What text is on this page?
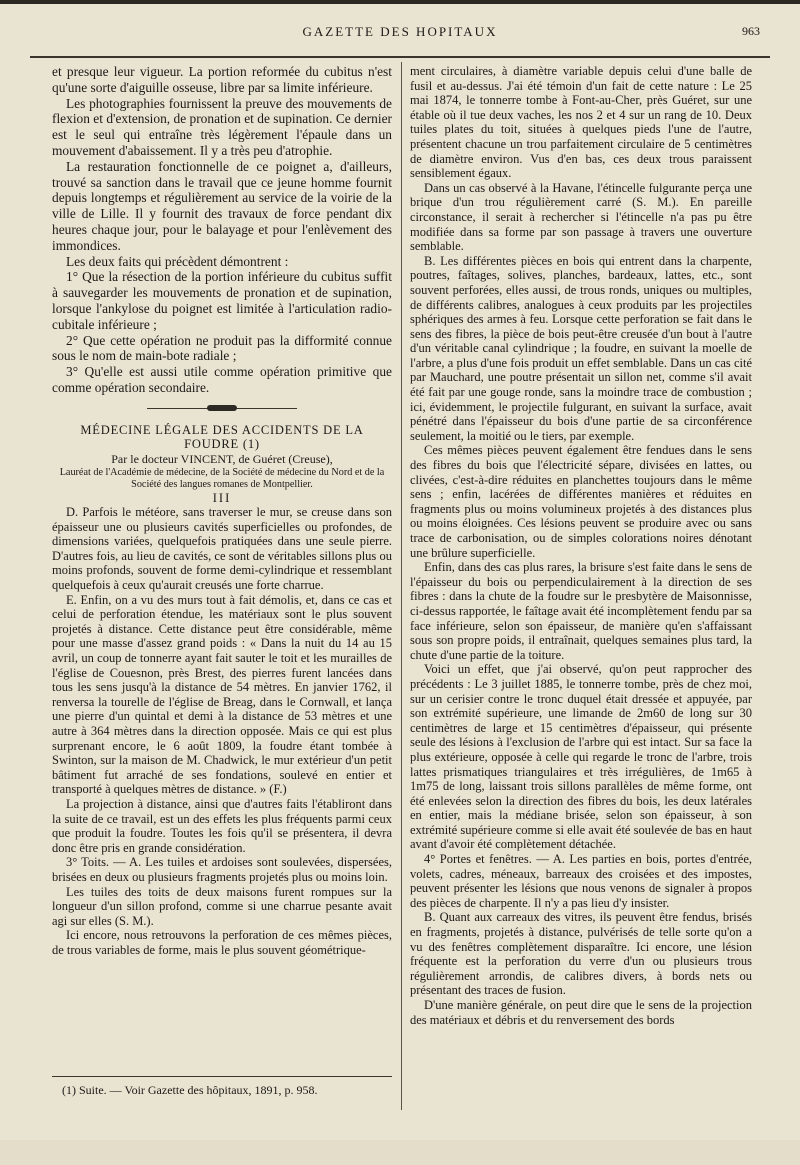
GAZETTE DES HOPITAUX	963

et presque leur vigueur. La portion reformée du cubitus n'est qu'une sorte d'aiguille osseuse, libre par sa limite inférieure.

Les photographies fournissent la preuve des mouvements de flexion et d'extension, de pronation et de supination. Ce dernier est le seul qui entraîne très légèrement l'épaule dans un mouvement d'abaissement. Il y a très peu d'atrophie.

La restauration fonctionnelle de ce poignet a, d'ailleurs, trouvé sa sanction dans le travail que ce jeune homme fournit depuis longtemps et régulièrement au service de la voirie de la ville de Lille. Il y fournit des travaux de force pendant dix heures chaque jour, pour le balayage et pour l'enlèvement des immondices.

Les deux faits qui précèdent démontrent :

1° Que la résection de la portion inférieure du cubitus suffit à sauvegarder les mouvements de pronation et de supination, lorsque l'ankylose du poignet est limitée à l'articulation radio-cubitale inférieure ;

2° Que cette opération ne produit pas la difformité connue sous le nom de main-bote radiale ;

3° Qu'elle est aussi utile comme opération primitive que comme opération secondaire.

MÉDECINE LÉGALE DES ACCIDENTS DE LA FOUDRE (1)

Par le docteur VINCENT, de Guéret (Creuse),

Lauréat de l'Académie de médecine, de la Société de médecine du Nord et de la Société des langues romanes de Montpellier.

III

D. Parfois le météore, sans traverser le mur, se creuse dans son épaisseur une ou plusieurs cavités superficielles ou profondes, de dimensions variées, quelquefois pratiquées dans une seule pierre. D'autres fois, au lieu de cavités, ce sont de véritables sillons plus ou moins profonds, souvent de forme demi-cylindrique et ressemblant quelquefois à ceux qu'aurait creusés une forte charrue.

E. Enfin, on a vu des murs tout à fait démolis, et, dans ce cas et celui de perforation étendue, les matériaux sont le plus souvent projetés à distance. Cette distance peut être considérable, même pour une masse d'assez grand poids : « Dans la nuit du 14 au 15 avril, un coup de tonnerre ayant fait sauter le toit et les murailles de l'église de Couesnon, près Brest, des pierres furent lancées dans tous les sens jusqu'à la distance de 54 mètres. En janvier 1762, il renversa la tourelle de l'église de Breag, dans le Cornwall, et lança une pierre d'un quintal et demi à la distance de 53 mètres et une autre à 364 mètres dans la direction opposée. Mais ce qui est plus surprenant encore, le 6 août 1809, la foudre étant tombée à Swinton, sur la maison de M. Chadwick, le mur extérieur d'un petit bâtiment fut arraché de ses fondations, soulevé en entier et transporté à quelques mètres de distance. » (F.)

La projection à distance, ainsi que d'autres faits l'établiront dans la suite de ce travail, est un des effets les plus fréquents parmi ceux que produit la foudre. Toutes les fois qu'il se présentera, il devra donc être pris en grande considération.

3° Toits. — A. Les tuiles et ardoises sont soulevées, dispersées, brisées en deux ou plusieurs fragments projetés plus ou moins loin.

Les tuiles des toits de deux maisons furent rompues sur la longueur d'un sillon profond, comme si une charrue pesante avait agi sur elles (S. M.).

Ici encore, nous retrouvons la perforation de ces mêmes pièces, de trous variables de forme, mais le plus souvent géométrique-

ment circulaires, à diamètre variable depuis celui d'une balle de fusil et au-dessus. J'ai été témoin d'un fait de cette nature : Le 25 mai 1874, le tonnerre tombe à Font-au-Cher, près Guéret, sur une étable où il tue deux vaches, les nos 2 et 4 sur un rang de 10. Deux tuiles plates du toit, situées à quelques pieds l'une de l'autre, présentent chacune un trou parfaitement circulaire de 5 centimètres de diamètre environ. Vus d'en bas, ces deux trous paraissent sensiblement égaux.

Dans un cas observé à la Havane, l'étincelle fulgurante perça une brique d'un trou régulièrement carré (S. M.). En pareille circonstance, il serait à rechercher si l'étincelle n'a pas pu être modifiée dans sa forme par son passage à travers une ouverture semblable.

B. Les différentes pièces en bois qui entrent dans la charpente, poutres, faîtages, solives, planches, bardeaux, lattes, etc., sont souvent perforées, elles aussi, de trous ronds, uniques ou multiples, de différents calibres, analogues à ceux produits par les projectiles sphériques des armes à feu. Lorsque cette perforation se fait dans le sens des fibres, la pièce de bois peut-être creusée d'un bout à l'autre d'un véritable canal cylindrique ; la foudre, en suivant la moelle de l'arbre, a plus d'une fois produit un effet semblable. Dans un cas cité par Mauchard, une poutre présentait un sillon net, comme s'il avait été fait par une gouge ronde, sans la moindre trace de combustion ; ici, évidemment, le projectile fulgurant, en suivant la surface, avait pénétré dans l'épaisseur du bois d'une partie de sa circonférence seulement, la moitié ou le tiers, par exemple.

Ces mêmes pièces peuvent également être fendues dans le sens des fibres du bois que l'électricité sépare, divisées en lattes, ou clivées, c'est-à-dire réduites en planchettes toujours dans le même sens ; enfin, lacérées de différentes manières et réduites en fragments plus ou moins volumineux projetés à des distances plus ou moins éloignées. Ces lésions peuvent se produire avec ou sans trace de carbonisation, ou de simples colorations noires dénotant une brûlure superficielle.

Enfin, dans des cas plus rares, la brisure s'est faite dans le sens de l'épaisseur du bois ou perpendiculairement à la direction de ses fibres : dans la chute de la foudre sur le presbytère de Maisonnisse, ci-dessus rapportée, le faîtage avait été incomplètement fendu par sa face inférieure, selon son épaisseur, de manière qu'en s'affaissant sous son propre poids, il entraînait, quelques semaines plus tard, la chute d'une partie de la toiture.

Voici un effet, que j'ai observé, qu'on peut rapprocher des précédents : Le 3 juillet 1885, le tonnerre tombe, près de chez moi, sur un cerisier contre le tronc duquel était dressée et appuyée, par son extrémité supérieure, une limande de 2m60 de long sur 30 centimètres de large et 15 centimètres d'épaisseur, qui présente seule des lésions à l'exclusion de l'arbre qui est intact. Sur sa face la plus extérieure, opposée à celle qui regarde le tronc de l'arbre, trois lattes prismatiques triangulaires et très irrégulières, de 1m65 à 1m75 de long, laissant trois sillons parallèles de même forme, ont été enlevées selon la direction des fibres du bois, les deux latérales en entier, mais la médiane brisée, selon son épaisseur, à son extrémité supérieure comme si elle avait été soulevée de bas en haut avant d'avoir été complètement détachée.

4° Portes et fenêtres. — A. Les parties en bois, portes d'entrée, volets, cadres, méneaux, barreaux des croisées et des impostes, peuvent présenter les lésions que nous venons de signaler à propos des pièces de charpente. Il n'y a pas lieu d'y insister.

B. Quant aux carreaux des vitres, ils peuvent être fendus, brisés en fragments, projetés à distance, pulvérisés de telle sorte qu'on a vu des fenêtres complètement disparaître. Ici encore, une lésion fréquente est la perforation du verre d'un ou plusieurs trous régulièrement arrondis, de calibres divers, à bords nets ou présentant des traces de fusion.

D'une manière générale, on peut dire que le sens de la projection des matériaux et débris et du renversement des bords

(1) Suite. — Voir Gazette des hôpitaux, 1891, p. 958.
